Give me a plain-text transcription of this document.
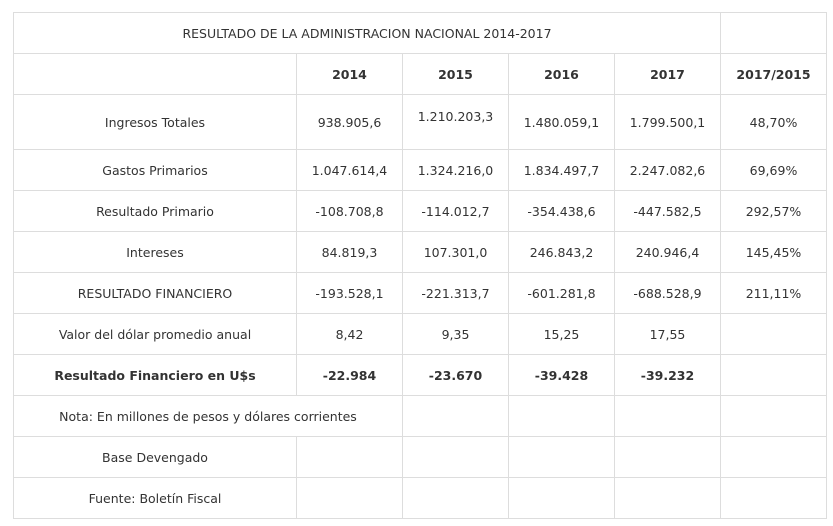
RESULTADO DE LA ADMINISTRACION NACIONAL 2014-2017					
	2014	2015	2016	2017	2017/2015
Ingresos Totales	938.905,6	1.210.203,3	1.480.059,1	1.799.500,1	48,70%
Gastos Primarios	1.047.614,4	1.324.216,0	1.834.497,7	2.247.082,6	69,69%
Resultado Primario	-108.708,8	-114.012,7	-354.438,6	-447.582,5	292,57%
Intereses	84.819,3	107.301,0	246.843,2	240.946,4	145,45%
RESULTADO FINANCIERO	-193.528,1	-221.313,7	-601.281,8	-688.528,9	211,11%
Valor del dólar promedio anual	8,42	9,35	15,25	17,55	
Resultado Financiero en U$s	-22.984	-23.670	-39.428	-39.232	
Nota: En millones de pesos y dólares corrientes					
Base Devengado					
Fuente: Boletín Fiscal					
